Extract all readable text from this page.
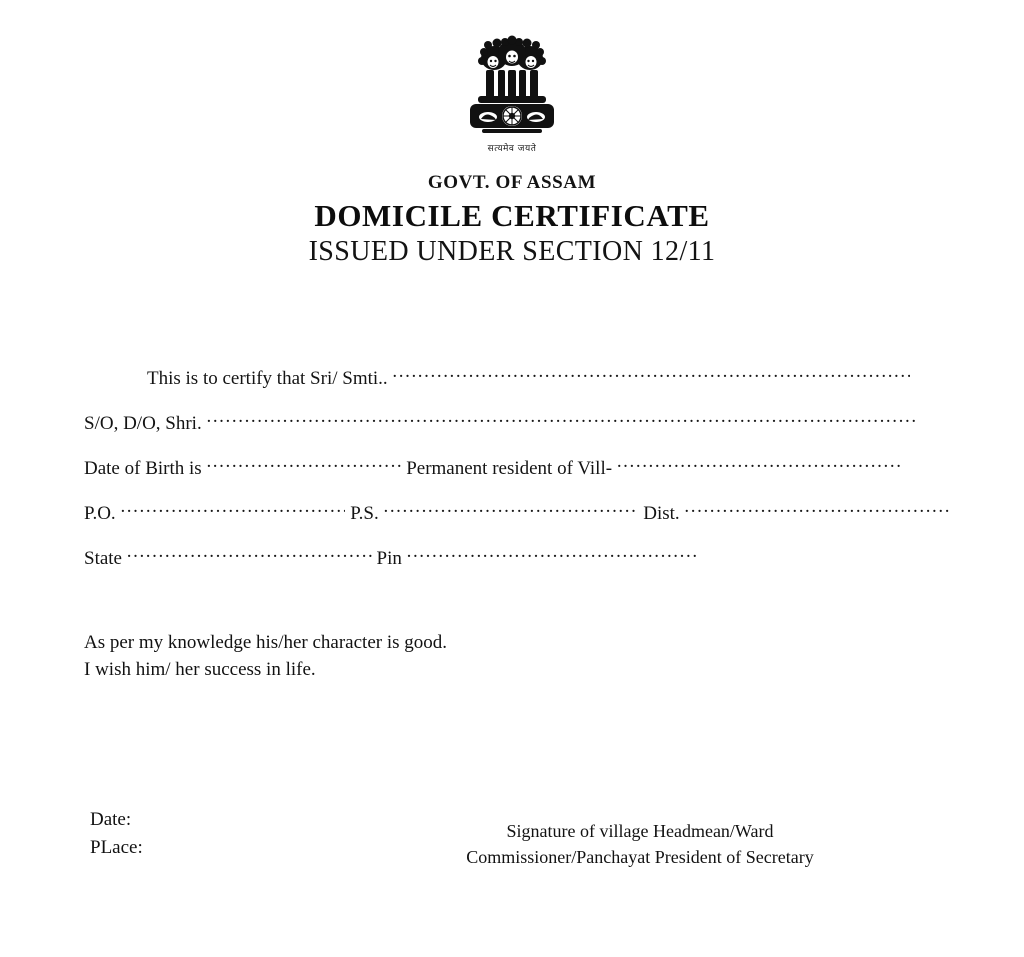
सत्यमेव जयते
GOVT. OF ASSAM
DOMICILE CERTIFICATE
ISSUED UNDER SECTION 12/11
This is to certify that Sri/ Smti.. .....
S/O, D/O, Shri. .....
Date of Birth is .....	Permanent resident of Vill- .....
P.O. .....	P.S. .....	Dist. .....
State .....	Pin .....
As per my knowledge his/her character is good.
I wish him/ her success in life.
Date:
PLace:
Signature of village Headmean/Ward
Commissioner/Panchayat President of Secretary
